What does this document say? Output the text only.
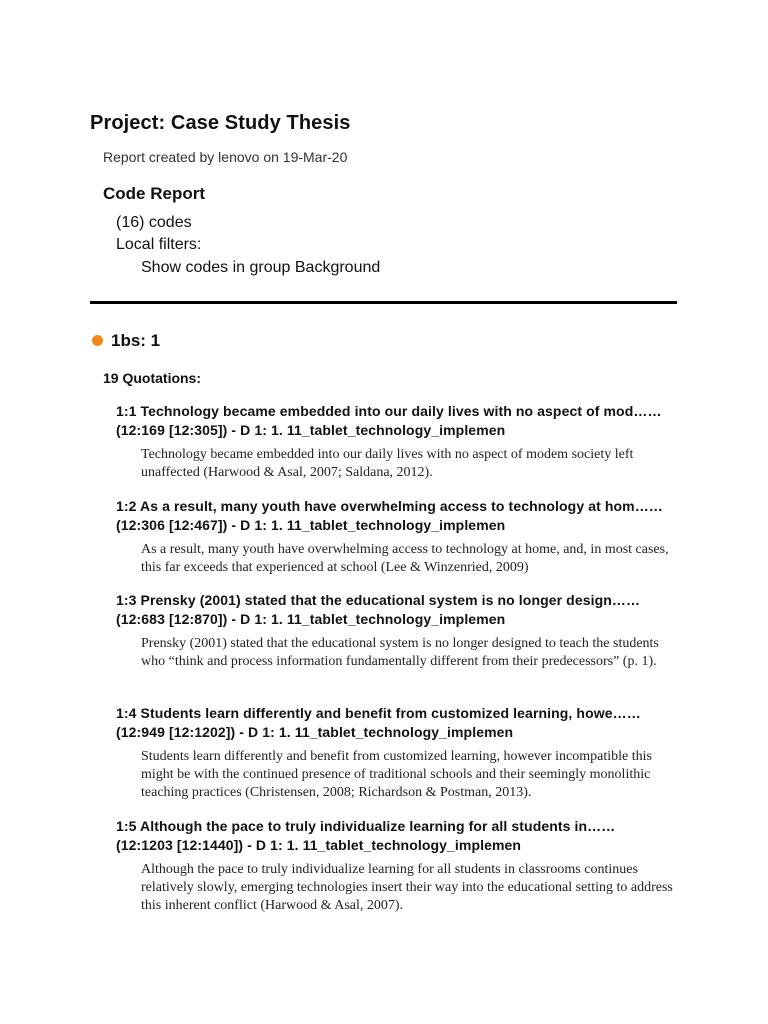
Project: Case Study Thesis
Report created by lenovo on 19-Mar-20
Code Report
(16) codes
Local filters:
Show codes in group Background
1bs: 1
19 Quotations:
1:1 Technology became embedded into our daily lives with no aspect of mod…… (12:169 [12:305]) - D 1: 1. 11_tablet_technology_implemen
Technology became embedded into our daily lives with no aspect of modem society left unaffected (Harwood & Asal, 2007; Saldana, 2012).
1:2 As a result, many youth have overwhelming access to technology at hom…… (12:306 [12:467]) - D 1: 1. 11_tablet_technology_implemen
As a result, many youth have overwhelming access to technology at home, and, in most cases, this far exceeds that experienced at school (Lee & Winzenried, 2009)
1:3 Prensky (2001) stated that the educational system is no longer design…… (12:683 [12:870]) - D 1: 1. 11_tablet_technology_implemen
Prensky (2001) stated that the educational system is no longer designed to teach the students who “think and process information fundamentally different from their predecessors” (p. 1).
1:4 Students learn differently and benefit from customized learning, howe…… (12:949 [12:1202]) - D 1: 1. 11_tablet_technology_implemen
Students learn differently and benefit from customized learning, however incompatible this might be with the continued presence of traditional schools and their seemingly monolithic teaching practices (Christensen, 2008; Richardson & Postman, 2013).
1:5 Although the pace to truly individualize learning for all students in…… (12:1203 [12:1440]) - D 1: 1. 11_tablet_technology_implemen
Although the pace to truly individualize learning for all students in classrooms continues relatively slowly, emerging technologies insert their way into the educational setting to address this inherent conflict (Harwood & Asal, 2007).
